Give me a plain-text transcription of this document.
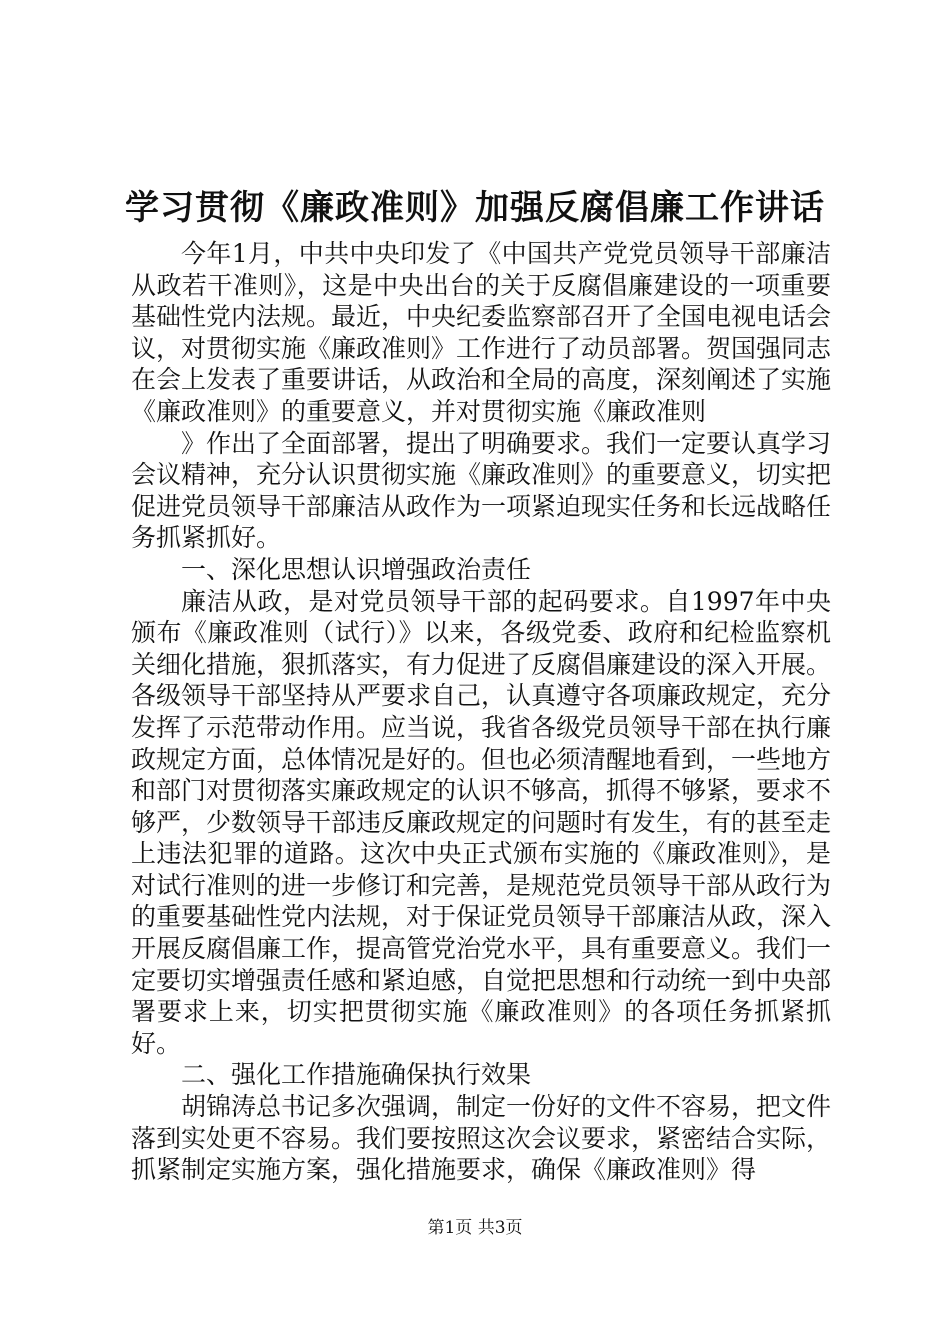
学习贯彻《廉政准则》加强反腐倡廉工作讲话

今年1月，中共中央印发了《中国共产党党员领导干部廉洁从政若干准则》，这是中央出台的关于反腐倡廉建设的一项重要基础性党内法规。最近，中央纪委监察部召开了全国电视电话会议，对贯彻实施《廉政准则》工作进行了动员部署。贺国强同志在会上发表了重要讲话，从政治和全局的高度，深刻阐述了实施《廉政准则》的重要意义，并对贯彻实施《廉政准则

》作出了全面部署，提出了明确要求。我们一定要认真学习会议精神，充分认识贯彻实施《廉政准则》的重要意义，切实把促进党员领导干部廉洁从政作为一项紧迫现实任务和长远战略任务抓紧抓好。

一、深化思想认识增强政治责任

廉洁从政，是对党员领导干部的起码要求。自1997年中央颁布《廉政准则（试行）》以来，各级党委、政府和纪检监察机关细化措施，狠抓落实，有力促进了反腐倡廉建设的深入开展。各级领导干部坚持从严要求自己，认真遵守各项廉政规定，充分发挥了示范带动作用。应当说，我省各级党员领导干部在执行廉政规定方面，总体情况是好的。但也必须清醒地看到，一些地方和部门对贯彻落实廉政规定的认识不够高，抓得不够紧，要求不够严，少数领导干部违反廉政规定的问题时有发生，有的甚至走上违法犯罪的道路。这次中央正式颁布实施的《廉政准则》，是对试行准则的进一步修订和完善，是规范党员领导干部从政行为的重要基础性党内法规，对于保证党员领导干部廉洁从政，深入开展反腐倡廉工作，提高管党治党水平，具有重要意义。我们一定要切实增强责任感和紧迫感，自觉把思想和行动统一到中央部署要求上来，切实把贯彻实施《廉政准则》的各项任务抓紧抓好。

二、强化工作措施确保执行效果

胡锦涛总书记多次强调，制定一份好的文件不容易，把文件落到实处更不容易。我们要按照这次会议要求，紧密结合实际，抓紧制定实施方案，强化措施要求，确保《廉政准则》得

第1页 共3页
